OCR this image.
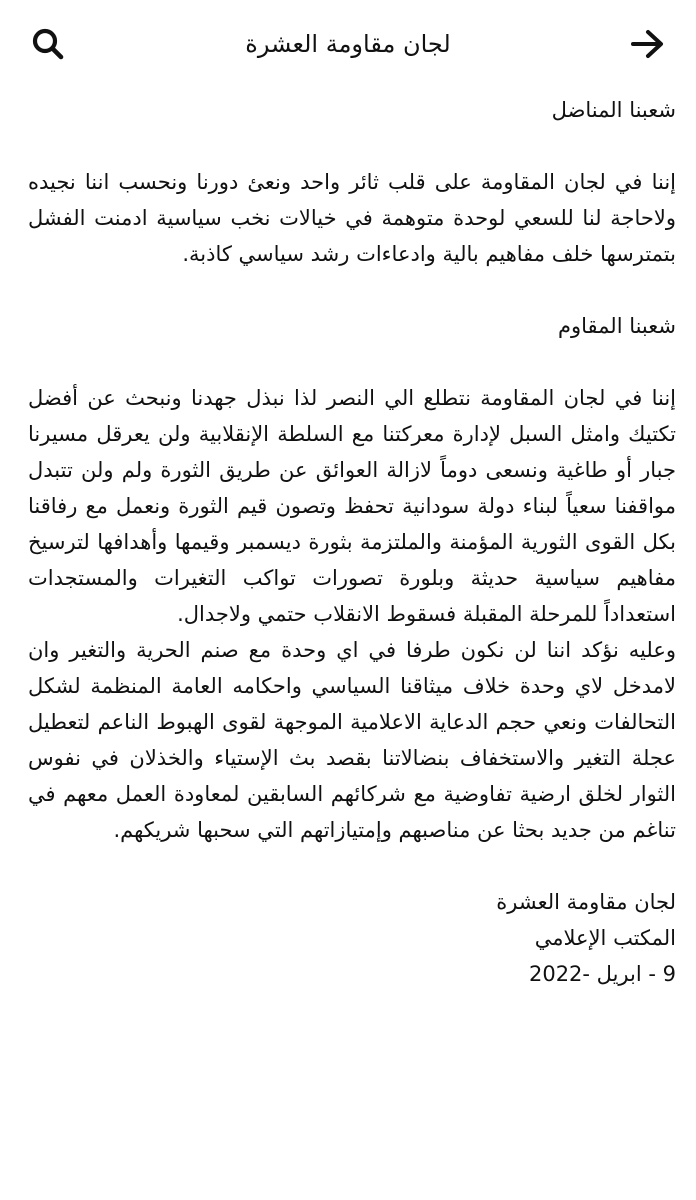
لجان مقاومة العشرة

شعبنا المناضل

إننا في لجان المقاومة على قلب ثائر واحد ونعئ دورنا ونحسب اننا نجيده ولاحاجة لنا للسعي لوحدة متوهمة في خيالات نخب سياسية ادمنت الفشل بتمترسها خلف مفاهيم بالية وادعاءات رشد سياسي كاذبة.

شعبنا المقاوم

إننا في لجان المقاومة نتطلع الي النصر لذا نبذل جهدنا ونبحث عن أفضل تكتيك وامثل السبل لإدارة معركتنا مع السلطة الإنقلابية ولن يعرقل مسيرنا جبار أو طاغية ونسعى دوماً لازالة العوائق عن طريق الثورة ولم ولن تتبدل مواقفنا سعياً لبناء دولة سودانية تحفظ وتصون قيم الثورة ونعمل مع رفاقنا بكل القوى الثورية المؤمنة والملتزمة بثورة ديسمبر وقيمها وأهدافها لترسيخ مفاهيم سياسية حديثة وبلورة تصورات تواكب التغيرات والمستجدات استعداداً للمرحلة المقبلة فسقوط الانقلاب حتمي ولاجدال.

وعليه نؤكد اننا لن نكون طرفا في اي وحدة مع صنم الحرية والتغير وان لامدخل لاي وحدة خلاف ميثاقنا السياسي واحكامه العامة المنظمة لشكل التحالفات ونعي حجم الدعاية الاعلامية الموجهة لقوى الهبوط الناعم لتعطيل عجلة التغير والاستخفاف بنضالاتنا بقصد بث الإستياء والخذلان في نفوس الثوار لخلق ارضية تفاوضية مع شركائهم السابقين لمعاودة العمل معهم في تناغم من جديد بحثا عن مناصبهم وإمتيازاتهم التي سحبها شريكهم.

لجان مقاومة العشرة
المكتب الإعلامي
9 - ابريل -2022
